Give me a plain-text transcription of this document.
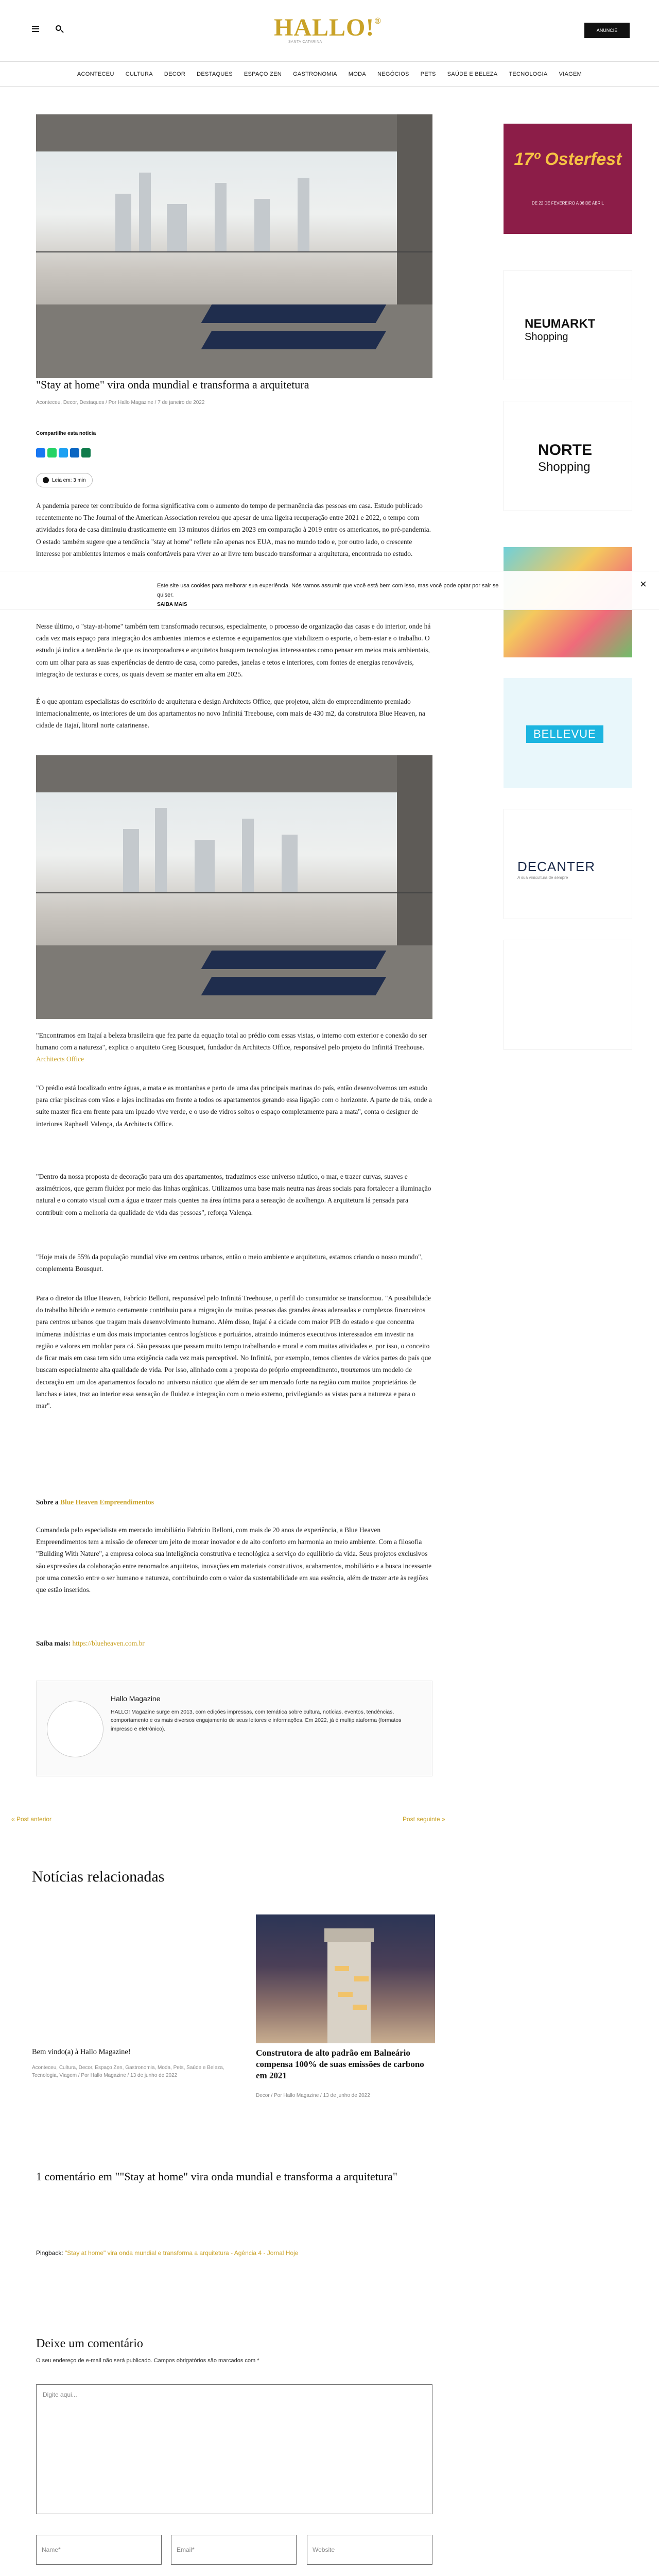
HALLO!®
SANTA CATARINA
ANUNCIE
ACONTECEU	CULTURA	DECOR	DESTAQUES	ESPAÇO ZEN	GASTRONOMIA	MODA	NEGÓCIOS	PETS	SAÚDE E BELEZA	TECNOLOGIA	VIAGEM
"Stay at home" vira onda mundial e transforma a arquitetura
Aconteceu, Decor, Destaques / Por Hallo Magazine / 7 de janeiro de 2022
Compartilhe esta notícia
Leia em: 3 min
A pandemia parece ter contribuído de forma significativa com o aumento do tempo de permanência das pessoas em casa. Estudo publicado recentemente no The Journal of the American Association revelou que apesar de uma ligeira recuperação entre 2021 e 2022, o tempo com atividades fora de casa diminuiu drasticamente em 13 minutos diários em 2023 em comparação à 2019 entre os americanos, no pré-pandemia. O estado também sugere que a tendência "stay at home" reflete não apenas nos EUA, mas no mundo todo e, por outro lado, o crescente interesse por ambientes internos e mais confortáveis para viver ao ar livre tem buscado transformar a arquitetura, encontrada no estudo.
Nesse último, o "stay-at-home" também tem transformado recursos, especialmente, o processo de organização das casas e do interior, onde há cada vez mais espaço para integração dos ambientes internos e externos e equipamentos que viabilizem o esporte, o bem-estar e o trabalho. O estudo já indica a tendência de que os incorporadores e arquitetos busquem tecnologias interessantes como pensar em meios mais ambientais, com um olhar para as suas experiências de dentro de casa, como paredes, janelas e tetos e interiores, com fontes de energias renováveis, integração de texturas e cores, os quais devem se manter em alta em 2025.
É o que apontam especialistas do escritório de arquitetura e design Architects Office, que projetou, além do empreendimento premiado internacionalmente, os interiores de um dos apartamentos no novo Infinitá Treebouse, com mais de 430 m2, da construtora Blue Heaven, na cidade de Itajaí, litoral norte catarinense.
"Encontramos em Itajaí a beleza brasileira que fez parte da equação total ao prédio com essas vistas, o interno com exterior e conexão do ser humano com a natureza", explica o arquiteto Greg Bousquet, fundador da Architects Office, responsável pelo projeto do Infinitá Treehouse. Architects Office
"O prédio está localizado entre águas, a mata e as montanhas e perto de uma das principais marinas do país, então desenvolvemos um estudo para criar piscinas com vãos e lajes inclinadas em frente a todos os apartamentos gerando essa ligação com o horizonte. A parte de trás, onde a suíte master fica em frente para um ipuado vive verde, e o uso de vidros soltos o espaço completamente para a mata", conta o designer de interiores Raphaell Valença, da Architects Office.
"Dentro da nossa proposta de decoração para um dos apartamentos, traduzimos esse universo náutico, o mar, e trazer curvas, suaves e assimétricos, que geram fluidez por meio das linhas orgânicas. Utilizamos uma base mais neutra nas áreas sociais para fortalecer a iluminação natural e o contato visual com a água e trazer mais quentes na área íntima para a sensação de acolhengo. A arquitetura lá pensada para contribuir com a melhoria da qualidade de vida das pessoas", reforça Valença.
"Hoje mais de 55% da população mundial vive em centros urbanos, então o meio ambiente e arquitetura, estamos criando o nosso mundo", complementa Bousquet.
Para o diretor da Blue Heaven, Fabrício Belloni, responsável pelo Infinitá Treehouse, o perfil do consumidor se transformou. "A possibilidade do trabalho híbrido e remoto certamente contribuiu para a migração de muitas pessoas das grandes áreas adensadas e complexos financeiros para centros urbanos que tragam mais desenvolvimento humano. Além disso, Itajaí é a cidade com maior PIB do estado e que concentra inúmeras indústrias e um dos mais importantes centros logísticos e portuários, atraindo inúmeros executivos interessados em investir na região e valores em moldar para cá. São pessoas que passam muito tempo trabalhando e moral e com muitas atividades e, por isso, o conceito de ficar mais em casa tem sido uma exigência cada vez mais perceptível. No Infinitá, por exemplo, temos clientes de vários partes do país que buscam especialmente alta qualidade de vida. Por isso, alinhado com a proposta do próprio empreendimento, trouxemos um modelo de decoração em um dos apartamentos focado no universo náutico que além de ser um mercado forte na região com muitos proprietários de lanchas e iates, traz ao interior essa sensação de fluidez e integração com o meio externo, privilegiando as vistas para a natureza e para o mar".
Sobre a Blue Heaven Empreendimentos
Comandada pelo especialista em mercado imobiliário Fabrício Belloni, com mais de 20 anos de experiência, a Blue Heaven Empreendimentos tem a missão de oferecer um jeito de morar inovador e de alto conforto em harmonia ao meio ambiente. Com a filosofia "Building With Nature", a empresa coloca sua inteligência construtiva e tecnológica a serviço do equilíbrio da vida. Seus projetos exclusivos são expressões da colaboração entre renomados arquitetos, inovações em materiais construtivos, acabamentos, mobiliário e a busca incessante por uma conexão entre o ser humano e natureza, contribuindo com o valor da sustentabilidade em sua essência, além de trazer arte às regiões que estão inseridos.
Saiba mais: https://blueheaven.com.br
17º Osterfest
DE 22 DE FEVEREIRO A 06 DE ABRIL
NEUMARKT
Shopping
NORTE
Shopping
BELLEVUE
DECANTER
A sua vinicultura de sempre
Este site usa cookies para melhorar sua experiência. Nós vamos assumir que você está bem com isso, mas você pode optar por sair se quiser.
SAIBA MAIS
×
Hallo Magazine
HALLO! Magazine surge em 2013, com edições impressas, com temática sobre cultura, notícias, eventos, tendências, comportamento e os mais diversos engajamento de seus leitores e informações. Em 2022, já é multiplataforma (formatos impresso e eletrônico).
« Post anterior	Post seguinte »
Notícias relacionadas
Bem vindo(a) à Hallo Magazine!
Aconteceu, Cultura, Decor, Espaço Zen, Gastronomia, Moda, Pets, Saúde e Beleza, Tecnologia, Viagem / Por Hallo Magazine / 13 de junho de 2022
Construtora de alto padrão em Balneário compensa 100% de suas emissões de carbono em 2021
Decor / Por Hallo Magazine / 13 de junho de 2022
1 comentário em ""Stay at home" vira onda mundial e transforma a arquitetura"
Pingback: "Stay at home" vira onda mundial e transforma a arquitetura - Agência 4 - Jornal Hoje
Deixe um comentário
O seu endereço de e-mail não será publicado. Campos obrigatórios são marcados com *
Digite aqui...
Name*	Email*	Website
